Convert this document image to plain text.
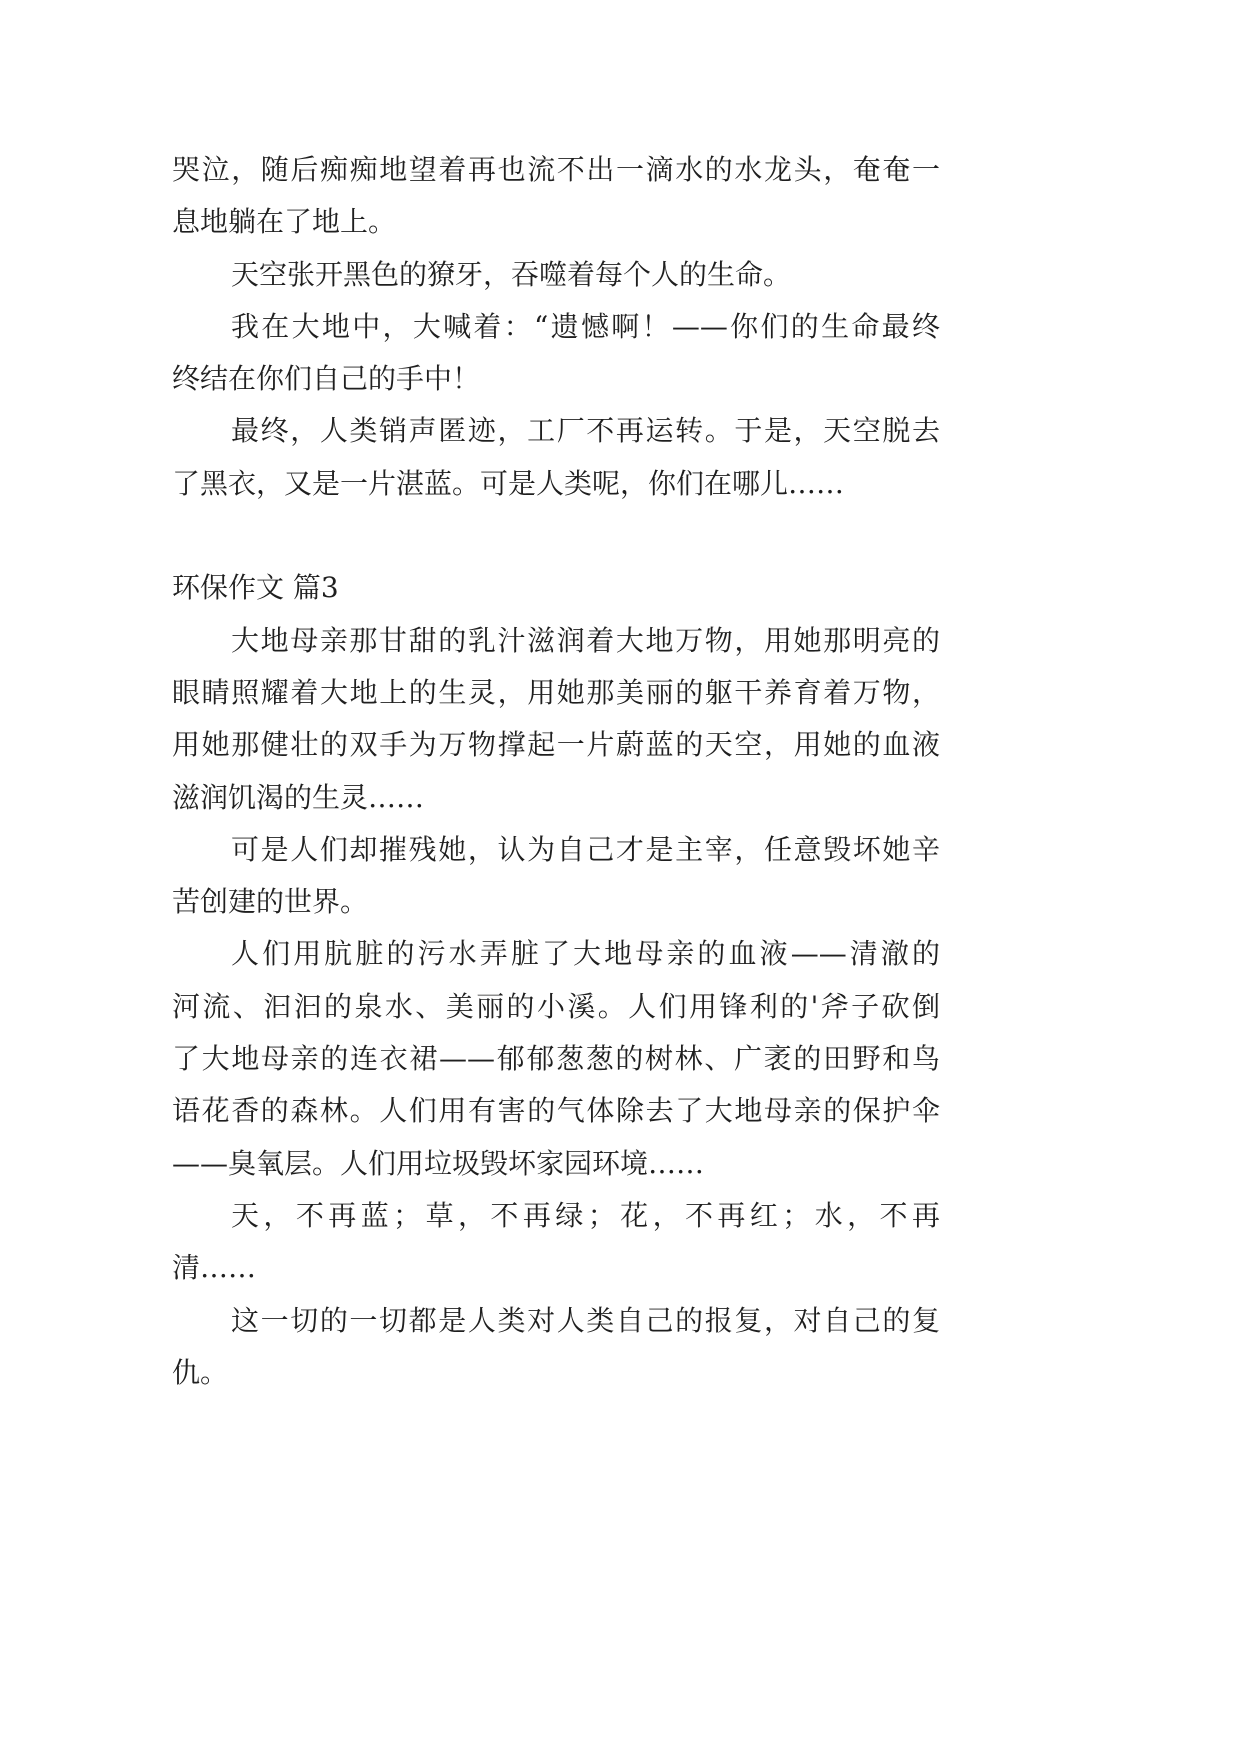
哭泣，随后痴痴地望着再也流不出一滴水的水龙头，奄奄一
息地躺在了地上。
天空张开黑色的獠牙，吞噬着每个人的生命。
我在大地中，大喊着：“遗憾啊！——你们的生命最终
终结在你们自己的手中！
最终，人类销声匿迹，工厂不再运转。于是，天空脱去
了黑衣，又是一片湛蓝。可是人类呢，你们在哪儿……
环保作文 篇3
大地母亲那甘甜的乳汁滋润着大地万物，用她那明亮的
眼睛照耀着大地上的生灵，用她那美丽的躯干养育着万物，
用她那健壮的双手为万物撑起一片蔚蓝的天空，用她的血液
滋润饥渴的生灵……
可是人们却摧残她，认为自己才是主宰，任意毁坏她辛
苦创建的世界。
人们用肮脏的污水弄脏了大地母亲的血液——清澈的
河流、汩汩的泉水、美丽的小溪。人们用锋利的'斧子砍倒
了大地母亲的连衣裙——郁郁葱葱的树林、广袤的田野和鸟
语花香的森林。人们用有害的气体除去了大地母亲的保护伞
——臭氧层。人们用垃圾毁坏家园环境……
天，不再蓝；草，不再绿；花，不再红；水，不再
清……
这一切的一切都是人类对人类自己的报复，对自己的复
仇。
